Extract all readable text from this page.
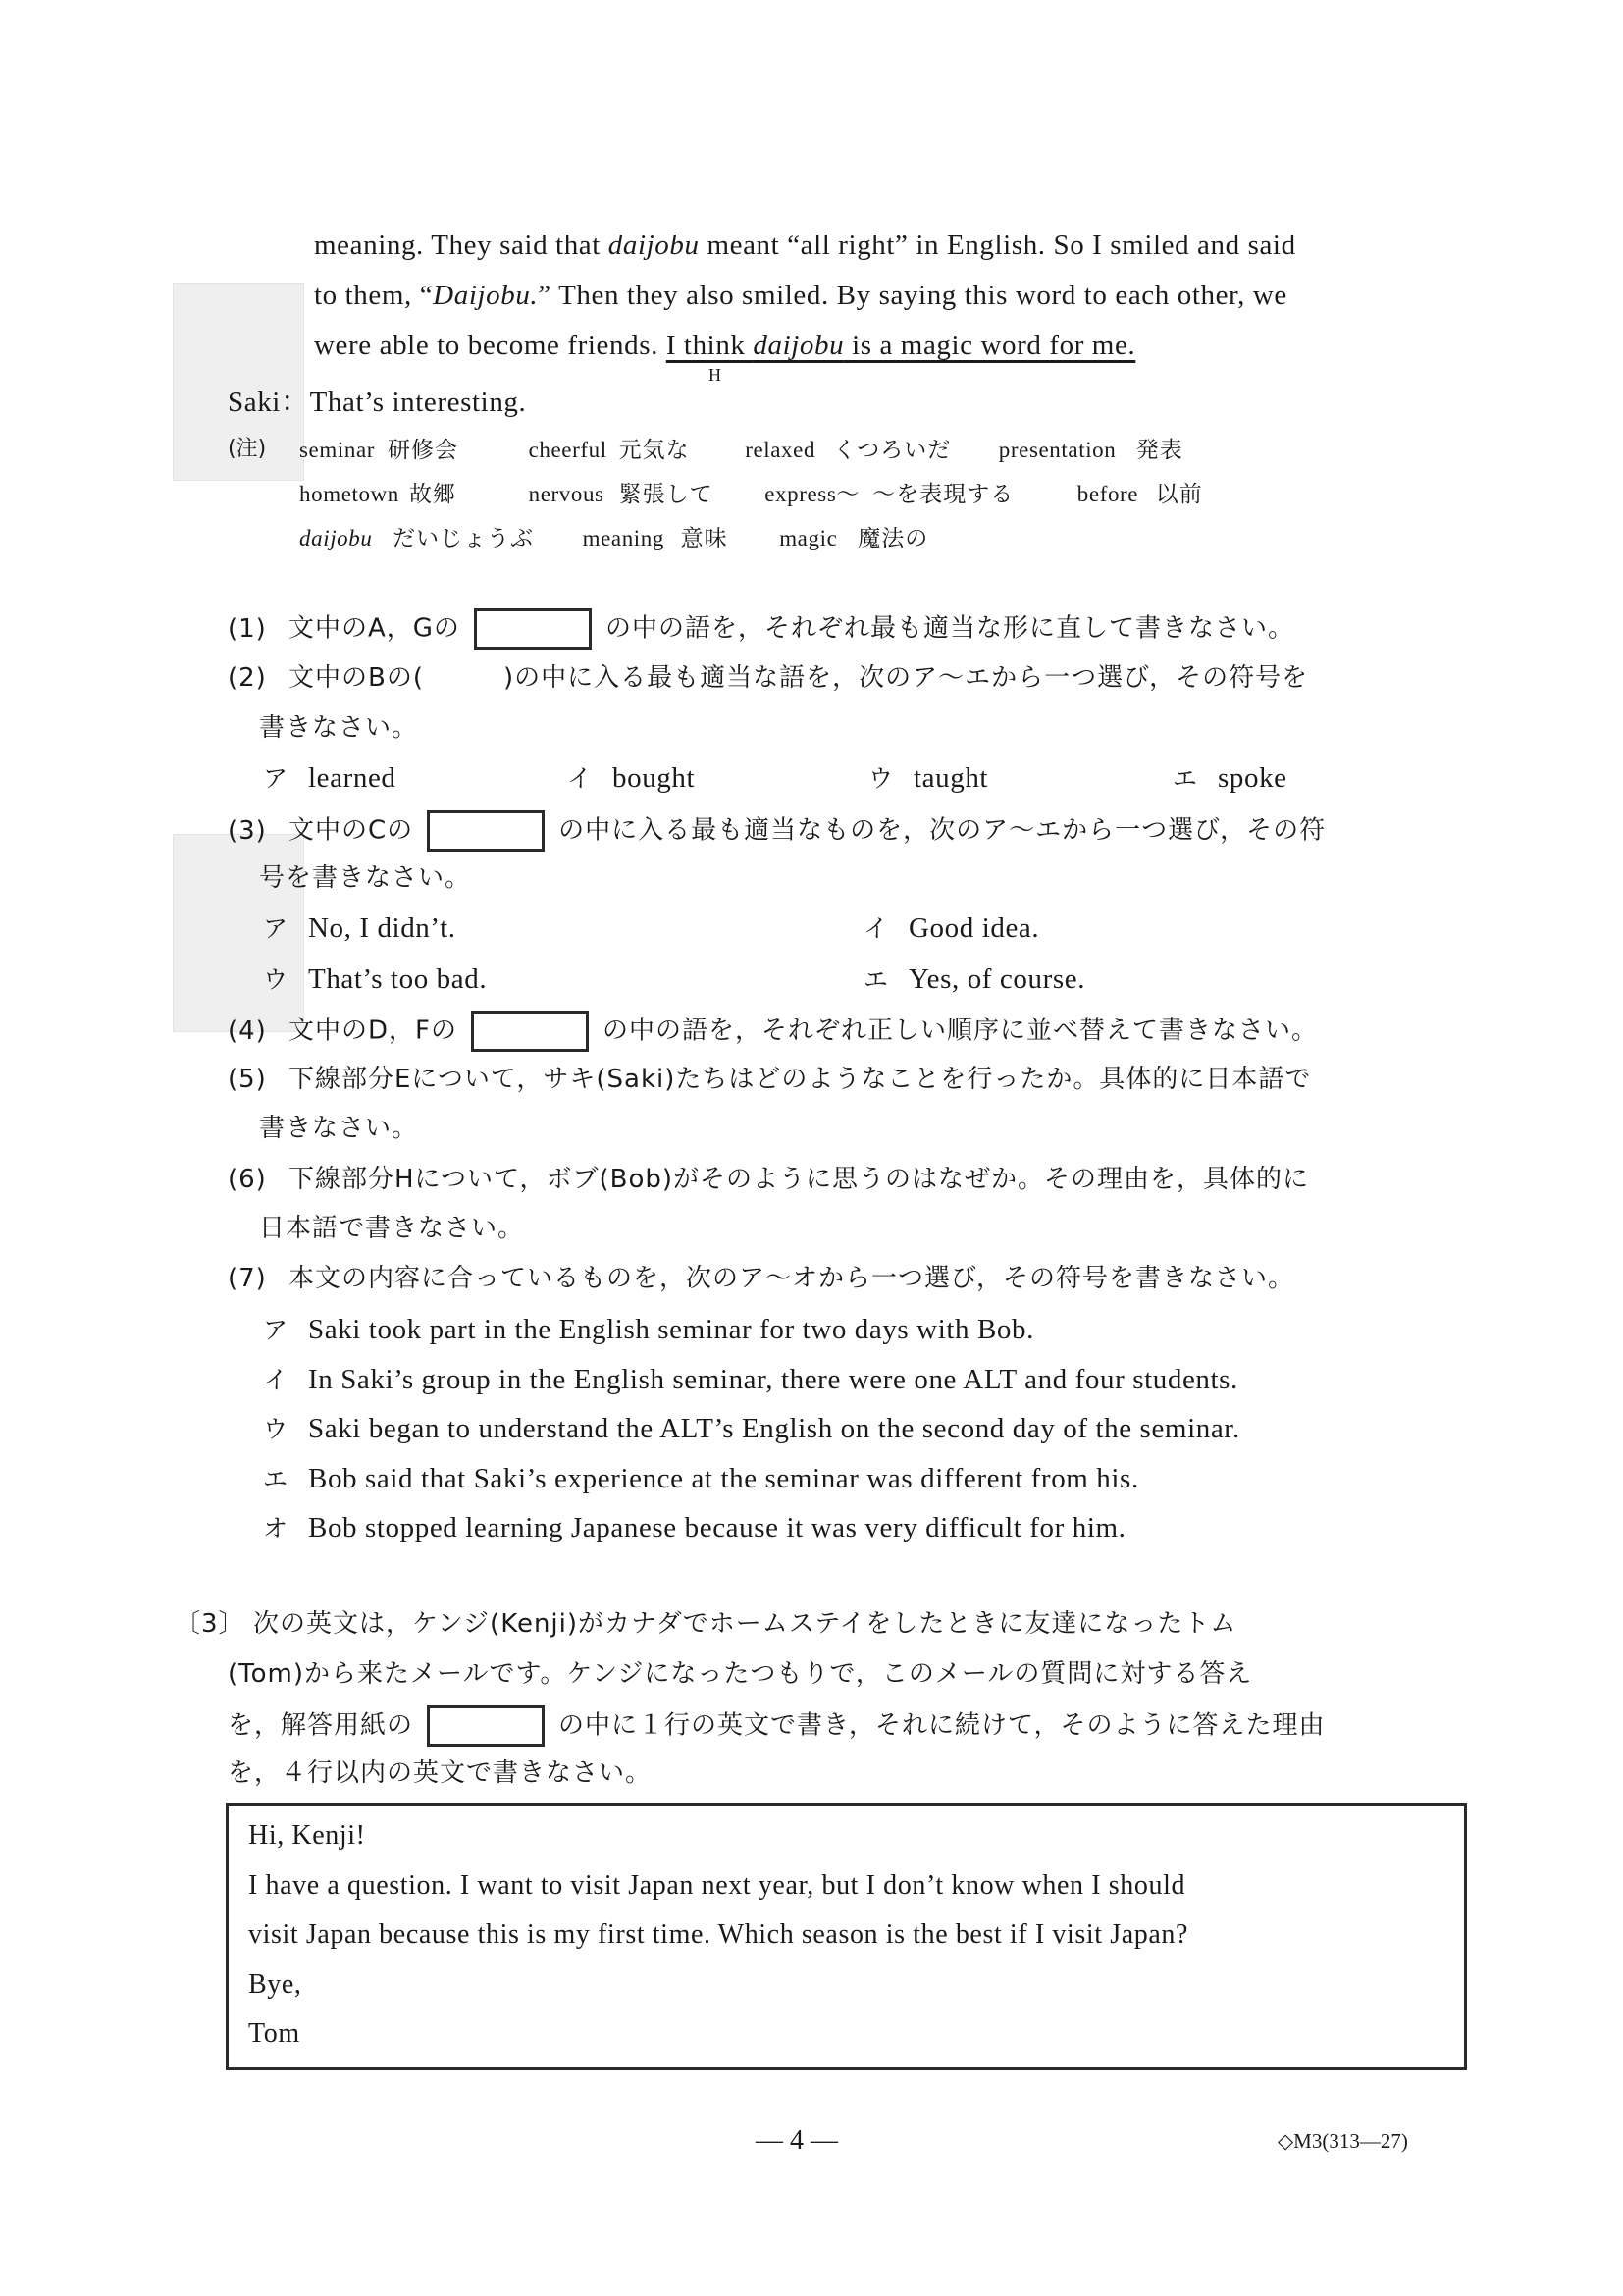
meaning. They said that daijobu meant “all right” in English. So I smiled and said
to them, “Daijobu.” Then they also smiled. By saying this word to each other, we
were able to become friends. I think daijobu is a magic word for me.
H
Saki：That’s interesting.
(注) seminar 研修会	cheerful 元気な relaxed くつろいだ presentation 発表
hometown 故郷	nervous 緊張して express～ ～を表現する	before 以前
daijobu だいじょうぶ meaning 意味 magic 魔法の
(1) 文中のA，Gの	の中の語を，それぞれ最も適当な形に直して書きなさい。
(2) 文中のBの(　　　)の中に入る最も適当な語を，次のア～エから一つ選び，その符号を
書きなさい。
ア learned	イ bought	ウ taught	エ spoke
(3) 文中のCの	の中に入る最も適当なものを，次のア～エから一つ選び，その符
号を書きなさい。
ア No, I didn’t.	イ Good idea.
ウ That’s too bad.	エ Yes, of course.
(4) 文中のD，Fの	の中の語を，それぞれ正しい順序に並べ替えて書きなさい。
(5) 下線部分Eについて，サキ(Saki)たちはどのようなことを行ったか。具体的に日本語で
書きなさい。
(6) 下線部分Hについて，ボブ(Bob)がそのように思うのはなぜか。その理由を，具体的に
日本語で書きなさい。
(7) 本文の内容に合っているものを，次のア～オから一つ選び，その符号を書きなさい。
ア Saki took part in the English seminar for two days with Bob.
イ In Saki’s group in the English seminar, there were one ALT and four students.
ウ Saki began to understand the ALT’s English on the second day of the seminar.
エ Bob said that Saki’s experience at the seminar was different from his.
オ Bob stopped learning Japanese because it was very difficult for him.
〔3〕 次の英文は，ケンジ(Kenji)がカナダでホームステイをしたときに友達になったトム
(Tom)から来たメールです。ケンジになったつもりで，このメールの質問に対する答え
を，解答用紙の	の中に１行の英文で書き，それに続けて，そのように答えた理由
を，４行以内の英文で書きなさい。
Hi, Kenji!
I have a question. I want to visit Japan next year, but I don’t know when I should
visit Japan because this is my first time. Which season is the best if I visit Japan?
Bye,
Tom
— 4 —	◇M3(313—27)
